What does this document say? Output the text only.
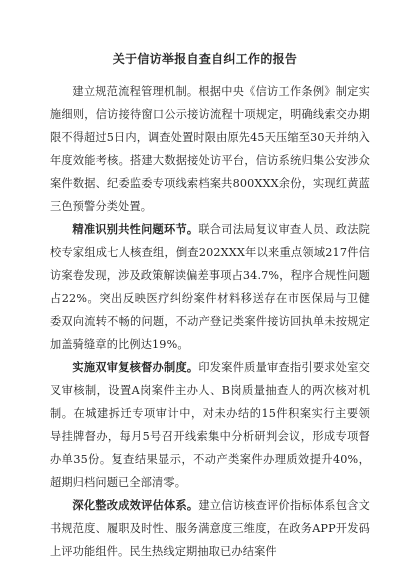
关于信访举报自查自纠工作的报告

建立规范流程管理机制。根据中央《信访工作条例》制定实施细则，信访接待窗口公示接访流程十项规定，明确线索交办期限不得超过5日内，调查处置时限由原先45天压缩至30天并纳入年度效能考核。搭建大数据接处访平台，信访系统归集公安涉众案件数据、纪委监委专项线索档案共800XXX余份，实现红黄蓝三色预警分类处置。

精准识别共性问题环节。联合司法局复议审查人员、政法院校专家组成七人核查组，倒查202XXX年以来重点领域217件信访案卷发现，涉及政策解读偏差事项占34.7%，程序合规性问题占22%。突出反映医疗纠纷案件材料移送存在市医保局与卫健委双向流转不畅的问题，不动产登记类案件接访回执单未按规定加盖骑缝章的比例达19%。

实施双审复核督办制度。印发案件质量审查指引要求处室交叉审核制，设置A岗案件主办人、B岗质量抽查人的两次核对机制。在城建拆迁专项审计中，对未办结的15件积案实行主要领导挂牌督办，每月5号召开线索集中分析研判会议，形成专项督办单35份。复查结果显示，不动产类案件办理质效提升40%，超期归档问题已全部清零。

深化整改成效评估体系。建立信访核查评价指标体系包含文书规范度、履职及时性、服务满意度三维度，在政务APP开发码上评功能组件。民生热线定期抽取已办结案件
